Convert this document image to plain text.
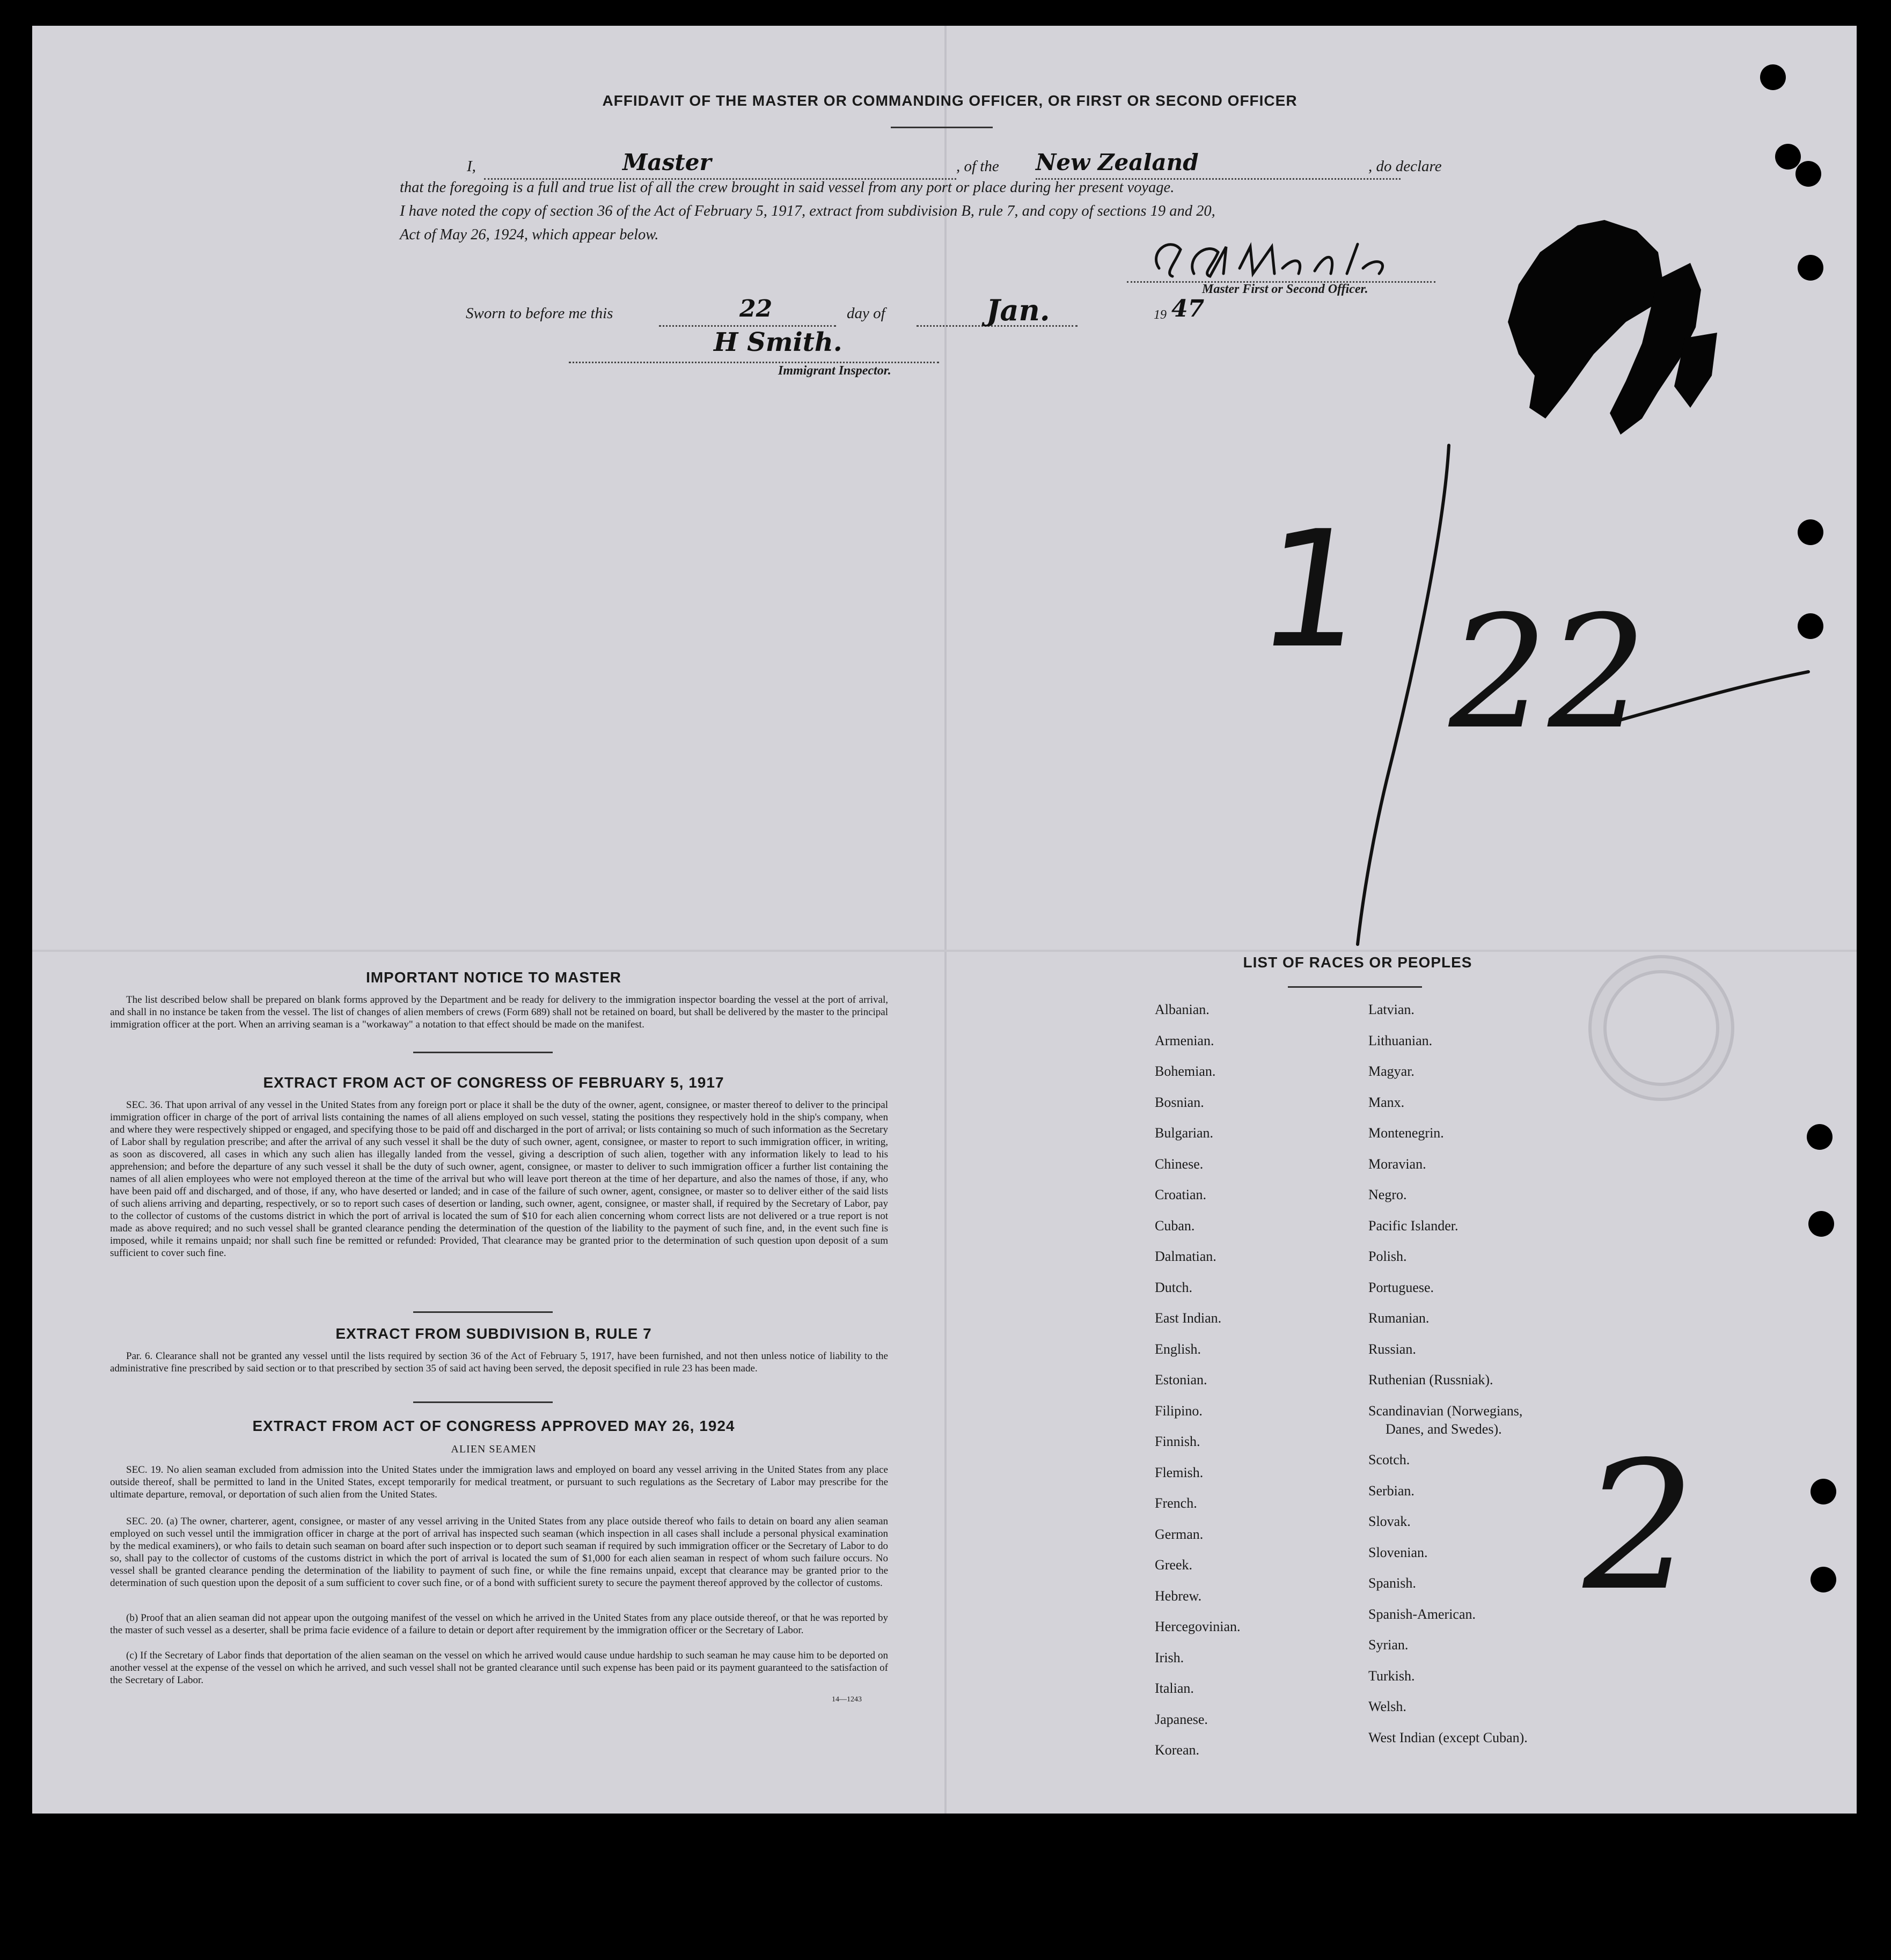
AFFIDAVIT OF THE MASTER OR COMMANDING OFFICER, OR FIRST OR SECOND OFFICER
I,	Master	, of the New Zealand	, do declare
that the foregoing is a full and true list of all the crew brought in said vessel from any port or place during her present voyage.
I have noted the copy of section 36 of the Act of February 5, 1917, extract from subdivision B, rule 7, and copy of sections 19 and 20,
Act of May 26, 1924, which appear below.
Master First or Second Officer.
Sworn to before me this	22	day of	Jan.	19 47
H Smith.
Immigrant Inspector.
1 22
2
IMPORTANT NOTICE TO MASTER
The list described below shall be prepared on blank forms approved by the Department and be ready for delivery to the immigration inspector boarding the vessel at the port of arrival, and shall in no instance be taken from the vessel. The list of changes of alien members of crews (Form 689) shall not be retained on board, but shall be delivered by the master to the principal immigration officer at the port. When an arriving seaman is a "workaway" a notation to that effect should be made on the manifest.
EXTRACT FROM ACT OF CONGRESS OF FEBRUARY 5, 1917
SEC. 36. That upon arrival of any vessel in the United States from any foreign port or place it shall be the duty of the owner, agent, consignee, or master thereof to deliver to the principal immigration officer in charge of the port of arrival lists containing the names of all aliens employed on such vessel, stating the positions they respectively hold in the ship's company, when and where they were respectively shipped or engaged, and specifying those to be paid off and discharged in the port of arrival; or lists containing so much of such information as the Secretary of Labor shall by regulation prescribe; and after the arrival of any such vessel it shall be the duty of such owner, agent, consignee, or master to report to such immigration officer, in writing, as soon as discovered, all cases in which any such alien has illegally landed from the vessel, giving a description of such alien, together with any information likely to lead to his apprehension; and before the departure of any such vessel it shall be the duty of such owner, agent, consignee, or master to deliver to such immigration officer a further list containing the names of all alien employees who were not employed thereon at the time of the arrival but who will leave port thereon at the time of her departure, and also the names of those, if any, who have been paid off and discharged, and of those, if any, who have deserted or landed; and in case of the failure of such owner, agent, consignee, or master so to deliver either of the said lists of such aliens arriving and departing, respectively, or so to report such cases of desertion or landing, such owner, agent, consignee, or master shall, if required by the Secretary of Labor, pay to the collector of customs of the customs district in which the port of arrival is located the sum of $10 for each alien concerning whom correct lists are not delivered or a true report is not made as above required; and no such vessel shall be granted clearance pending the determination of the question of the liability to the payment of such fine, and, in the event such fine is imposed, while it remains unpaid; nor shall such fine be remitted or refunded: Provided, That clearance may be granted prior to the determination of such question upon deposit of a sum sufficient to cover such fine.
EXTRACT FROM SUBDIVISION B, RULE 7
Par. 6. Clearance shall not be granted any vessel until the lists required by section 36 of the Act of February 5, 1917, have been furnished, and not then unless notice of liability to the administrative fine prescribed by said section or to that prescribed by section 35 of said act having been served, the deposit specified in rule 23 has been made.
EXTRACT FROM ACT OF CONGRESS APPROVED MAY 26, 1924
ALIEN SEAMEN
SEC. 19. No alien seaman excluded from admission into the United States under the immigration laws and employed on board any vessel arriving in the United States from any place outside thereof, shall be permitted to land in the United States, except temporarily for medical treatment, or pursuant to such regulations as the Secretary of Labor may prescribe for the ultimate departure, removal, or deportation of such alien from the United States.
SEC. 20. (a) The owner, charterer, agent, consignee, or master of any vessel arriving in the United States from any place outside thereof who fails to detain on board any alien seaman employed on such vessel until the immigration officer in charge at the port of arrival has inspected such seaman (which inspection in all cases shall include a personal physical examination by the medical examiners), or who fails to detain such seaman on board after such inspection or to deport such seaman if required by such immigration officer or the Secretary of Labor to do so, shall pay to the collector of customs of the customs district in which the port of arrival is located the sum of $1,000 for each alien seaman in respect of whom such failure occurs. No vessel shall be granted clearance pending the determination of the liability to payment of such fine, or while the fine remains unpaid, except that clearance may be granted prior to the determination of such question upon the deposit of a sum sufficient to cover such fine, or of a bond with sufficient surety to secure the payment thereof approved by the collector of customs.
(b) Proof that an alien seaman did not appear upon the outgoing manifest of the vessel on which he arrived in the United States from any place outside thereof, or that he was reported by the master of such vessel as a deserter, shall be prima facie evidence of a failure to detain or deport after requirement by the immigration officer or the Secretary of Labor.
(c) If the Secretary of Labor finds that deportation of the alien seaman on the vessel on which he arrived would cause undue hardship to such seaman he may cause him to be deported on another vessel at the expense of the vessel on which he arrived, and such vessel shall not be granted clearance until such expense has been paid or its payment guaranteed to the satisfaction of the Secretary of Labor.
14—1243
LIST OF RACES OR PEOPLES
Albanian.
Armenian.
Bohemian.
Bosnian.
Bulgarian.
Chinese.
Croatian.
Cuban.
Dalmatian.
Dutch.
East Indian.
English.
Estonian.
Filipino.
Finnish.
Flemish.
French.
German.
Greek.
Hebrew.
Hercegovinian.
Irish.
Italian.
Japanese.
Korean.
Latvian.
Lithuanian.
Magyar.
Manx.
Montenegrin.
Moravian.
Negro.
Pacific Islander.
Polish.
Portuguese.
Rumanian.
Russian.
Ruthenian (Russniak).
Scandinavian (Norwegians,
Danes, and Swedes).
Scotch.
Serbian.
Slovak.
Slovenian.
Spanish.
Spanish-American.
Syrian.
Turkish.
Welsh.
West Indian (except Cuban).
